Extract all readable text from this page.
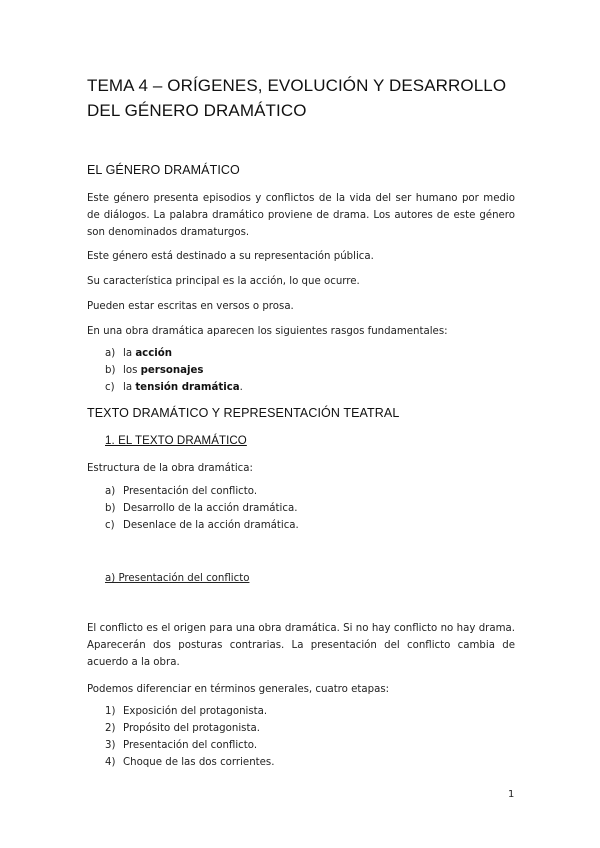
TEMA 4 – ORÍGENES, EVOLUCIÓN Y DESARROLLO DEL GÉNERO DRAMÁTICO
EL GÉNERO DRAMÁTICO
Este género presenta episodios y conflictos de la vida del ser humano por medio de diálogos. La palabra dramático proviene de drama. Los autores de este género son denominados dramaturgos.
Este género está destinado a su representación pública.
Su característica principal es la acción, lo que ocurre.
Pueden estar escritas en versos o prosa.
En una obra dramática aparecen los siguientes rasgos fundamentales:
a) la acción
b) los personajes
c) la tensión dramática.
TEXTO DRAMÁTICO Y REPRESENTACIÓN TEATRAL
1. EL TEXTO DRAMÁTICO
Estructura de la obra dramática:
a) Presentación del conflicto.
b) Desarrollo de la acción dramática.
c) Desenlace de la acción dramática.
a) Presentación del conflicto
El conflicto es el origen para una obra dramática. Si no hay conflicto no hay drama. Aparecerán dos posturas contrarias. La presentación del conflicto cambia de acuerdo a la obra.
Podemos diferenciar en términos generales, cuatro etapas:
1) Exposición del protagonista.
2) Propósito del protagonista.
3) Presentación del conflicto.
4) Choque de las dos corrientes.
1
